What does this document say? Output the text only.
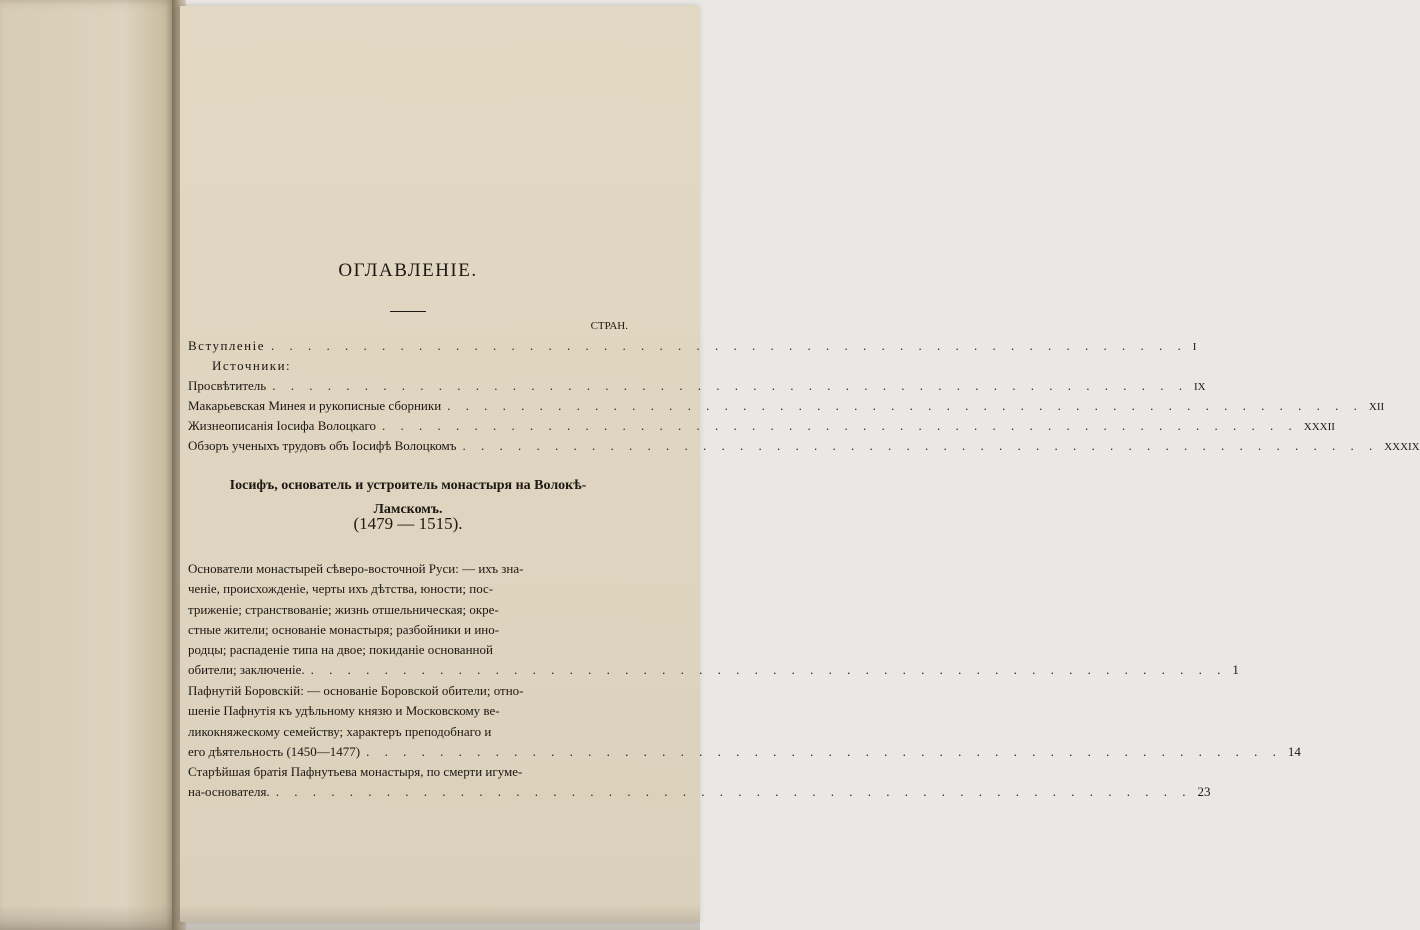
ОГЛАВЛЕНІЕ.
СТРАН.
Вступленіе . . . . . . . . . . . . . . . . . . . . . . . . . . . . . . . . . . . . . . . . . . . . . . . . . . I
Источники:
Просвѣтитель . . . . . . . . . . . . . . . . . . . . . . . . . . . . . . . . . . . . . . . . . . . . . . . . . . IX
Макарьевская Минея и рукописные сборники . . . . . . . . . . . . . . . . . . . . . . . . . . . . . . . . . . . . . . . . . . . . . . . . . . XII
Жизнеописанія Іосифа Волоцкаго . . . . . . . . . . . . . . . . . . . . . . . . . . . . . . . . . . . . . . . . . . . . . . . . . . XXXII
Обзоръ ученыхъ трудовъ объ Іосифѣ Волоцкомъ . . . . . . . . . . . . . . . . . . . . . . . . . . . . . . . . . . . . . . . . . . . . . . . . . . XXXIX
Іосифъ, основатель и устроитель монастыря на Волокѣ-
Ламскомъ.
(1479 — 1515).
Основатели монастырей сѣверо-восточной Руси: — ихъ зна-
ченіе, происхожденіе, черты ихъ дѣтства, юности; пос-
триженіе; странствованіе; жизнь отшельническая; окре-
стные жители; основаніе монастыря; разбойники и ино-
родцы; распаденіе типа на двое; покиданіе основанной
обители; заключеніе. . . . . . . . . . . . . . . . . . . . . . . . . . . . . . . . . . . . . . . . . . . . . . . . . . . 1
Пафнутій Боровскій: — основаніе Боровской обители; отно-
шеніе Пафнутія къ удѣльному князю и Московскому ве-
ликокняжескому семейству; характеръ преподобнаго и
его дѣятельность (1450—1477) . . . . . . . . . . . . . . . . . . . . . . . . . . . . . . . . . . . . . . . . . . . . . . . . . . 14
Старѣйшая братія Пафнутьева монастыря, по смерти игуме-
на-основателя. . . . . . . . . . . . . . . . . . . . . . . . . . . . . . . . . . . . . . . . . . . . . . . . . . . 23
